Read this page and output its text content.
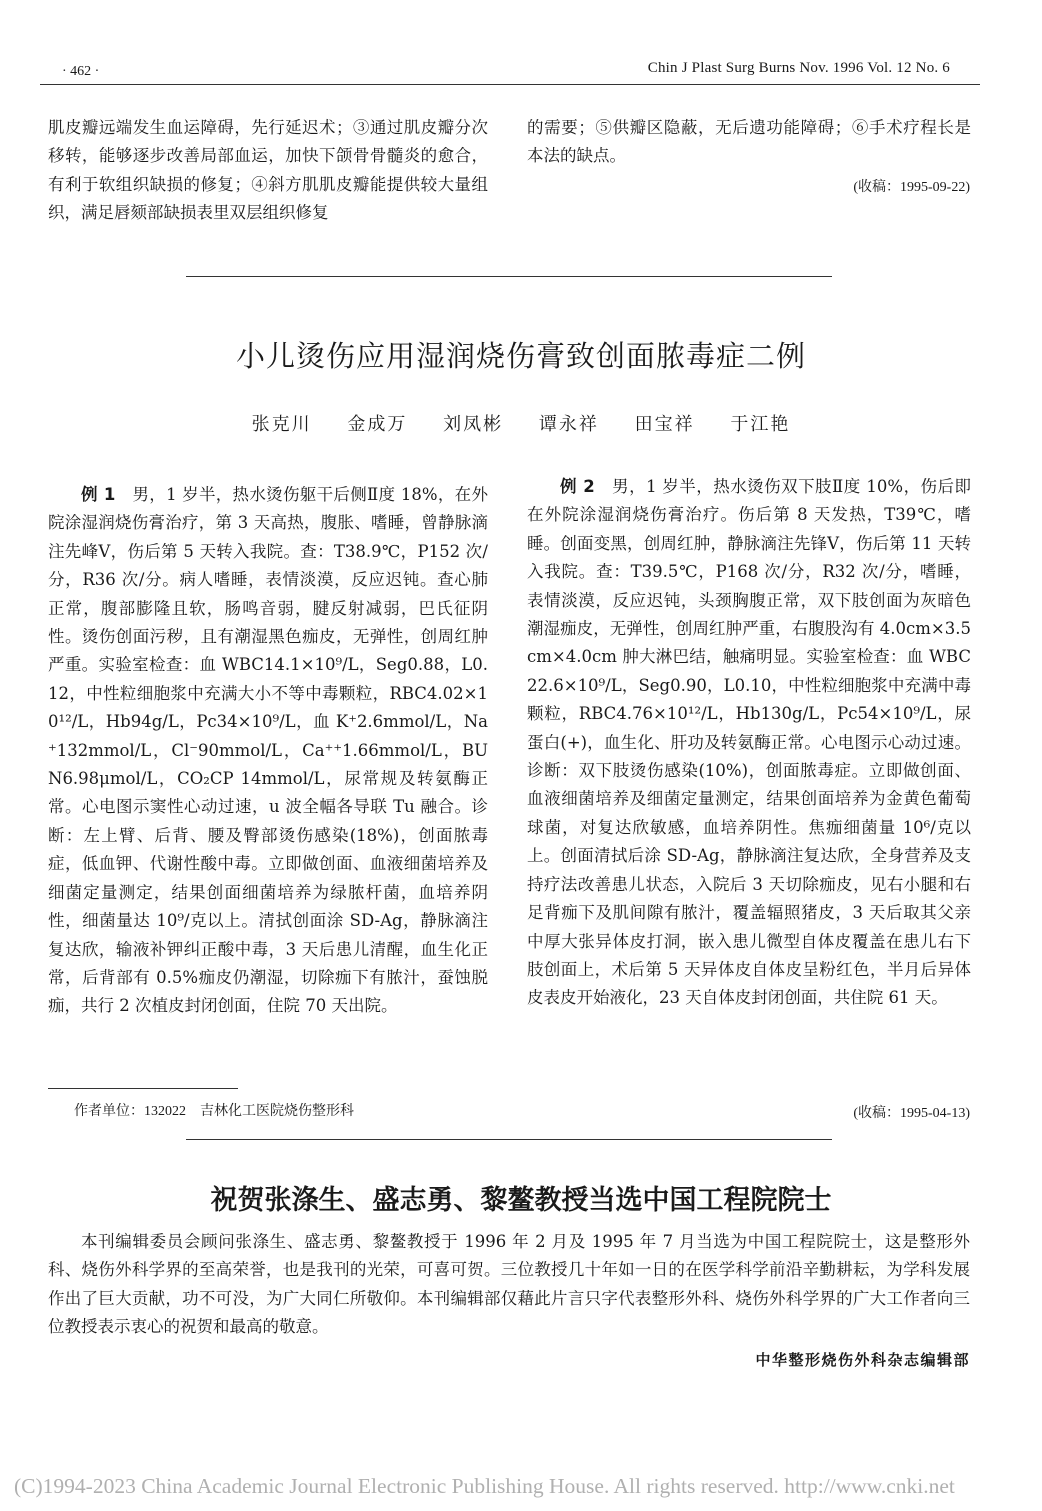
· 462 ·	Chin J Plast Surg Burns Nov. 1996 Vol. 12 No. 6

肌皮瓣远端发生血运障碍，先行延迟术；③通过肌皮瓣分次移转，能够逐步改善局部血运，加快下颌骨骨髓炎的愈合，有利于软组织缺损的修复；④斜方肌肌皮瓣能提供较大量组织，满足唇颏部缺损表里双层组织修复

的需要；⑤供瓣区隐蔽，无后遗功能障碍；⑥手术疗程长是本法的缺点。

(收稿：1995-09-22)
小儿烫伤应用湿润烧伤膏致创面脓毒症二例
张克川 金成万 刘凤彬 谭永祥 田宝祥 于江艳

例 1　 男，1 岁半，热水烫伤躯干后侧Ⅱ度 18%，在外院涂湿润烧伤膏治疗，第 3 天高热，腹胀、嗜睡，曾静脉滴注先峰Ⅴ，伤后第 5 天转入我院。查：T38.9℃，P152 次/分，R36 次/分。病人嗜睡，表情淡漠，反应迟钝。查心肺正常，腹部膨隆且软，肠鸣音弱，腱反射减弱，巴氏征阴性。烫伤创面污秽，且有潮湿黑色痂皮，无弹性，创周红肿严重。实验室检查：血 WBC14.1×10⁹/L，Seg0.88，L0.12，中性粒细胞浆中充满大小不等中毒颗粒，RBC4.02×10¹²/L，Hb94g/L，Pc34×10⁹/L，血 K⁺2.6mmol/L，Na⁺132mmol/L，Cl⁻90mmol/L，Ca⁺⁺1.66mmol/L，BUN6.98μmol/L，CO₂CP 14mmol/L，尿常规及转氨酶正常。心电图示窦性心动过速，u 波全幅各导联 Tu 融合。诊断：左上臂、后背、腰及臀部烫伤感染(18%)，创面脓毒症，低血钾、代谢性酸中毒。立即做创面、血液细菌培养及细菌定量测定，结果创面细菌培养为绿脓杆菌，血培养阴性，细菌量达 10⁹/克以上。清拭创面涂 SD-Ag，静脉滴注复达欣，输液补钾纠正酸中毒，3 天后患儿清醒，血生化正常，后背部有 0.5%痂皮仍潮湿，切除痂下有脓汁，蚕蚀脱痂，共行 2 次植皮封闭创面，住院 70 天出院。

例 2　 男，1 岁半，热水烫伤双下肢Ⅱ度 10%，伤后即在外院涂湿润烧伤膏治疗。伤后第 8 天发热，T39℃，嗜睡。创面变黑，创周红肿，静脉滴注先锋Ⅴ，伤后第 11 天转入我院。查：T39.5℃，P168 次/分，R32 次/分，嗜睡，表情淡漠，反应迟钝，头颈胸腹正常，双下肢创面为灰暗色潮湿痂皮，无弹性，创周红肿严重，右腹股沟有 4.0cm×3.5cm×4.0cm 肿大淋巴结，触痛明显。实验室检查：血 WBC22.6×10⁹/L，Seg0.90，L0.10，中性粒细胞浆中充满中毒颗粒，RBC4.76×10¹²/L，Hb130g/L，Pc54×10⁹/L，尿蛋白(+)，血生化、肝功及转氨酶正常。心电图示心动过速。诊断：双下肢烫伤感染(10%)，创面脓毒症。立即做创面、血液细菌培养及细菌定量测定，结果创面培养为金黄色葡萄球菌，对复达欣敏感，血培养阴性。焦痂细菌量 10⁶/克以上。创面清拭后涂 SD-Ag，静脉滴注复达欣，全身营养及支持疗法改善患儿状态，入院后 3 天切除痂皮，见右小腿和右足背痂下及肌间隙有脓汁，覆盖辐照猪皮，3 天后取其父亲中厚大张异体皮打洞，嵌入患儿微型自体皮覆盖在患儿右下肢创面上，术后第 5 天异体皮自体皮呈粉红色，半月后异体皮表皮开始液化，23 天自体皮封闭创面，共住院 61 天。

作者单位：132022　吉林化工医院烧伤整形科	(收稿：1995-04-13)
祝贺张涤生、盛志勇、黎鳌教授当选中国工程院院士

本刊编辑委员会顾问张涤生、盛志勇、黎鳌教授于 1996 年 2 月及 1995 年 7 月当选为中国工程院院士，这是整形外科、烧伤外科学界的至高荣誉，也是我刊的光荣，可喜可贺。三位教授几十年如一日的在医学科学前沿辛勤耕耘，为学科发展作出了巨大贡献，功不可没，为广大同仁所敬仰。本刊编辑部仅藉此片言只字代表整形外科、烧伤外科学界的广大工作者向三位教授表示衷心的祝贺和最高的敬意。

中华整形烧伤外科杂志编辑部
(C)1994-2023 China Academic Journal Electronic Publishing House. All rights reserved. http://www.cnki.net
